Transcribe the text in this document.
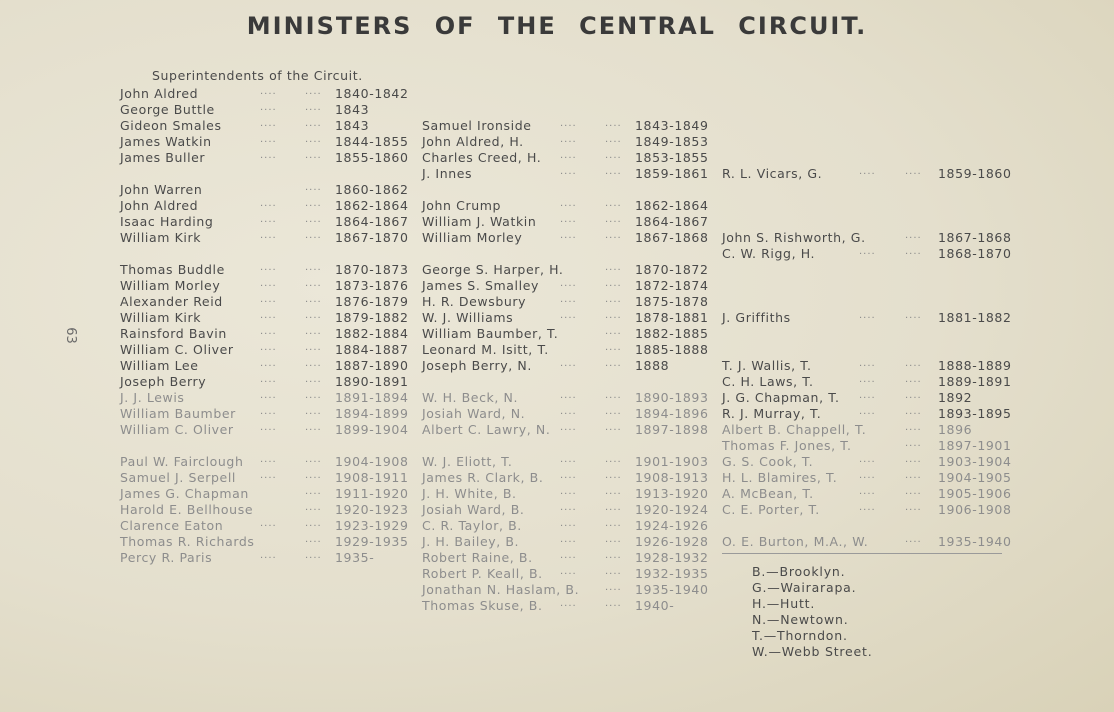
MINISTERS OF THE CENTRAL CIRCUIT.
Superintendents of the Circuit.
63
John Aldred	....	.... 1840-1842
George Buttle	....	.... 1843
Gideon Smales	....	.... 1843
James Watkin	....	.... 1844-1855
James Buller	....	.... 1855-1860
John Warren	.... 1860-1862
John Aldred	....	.... 1862-1864
Isaac Harding	....	.... 1864-1867
William Kirk	....	.... 1867-1870
Thomas Buddle	....	.... 1870-1873
William Morley	....	.... 1873-1876
Alexander Reid	....	.... 1876-1879
William Kirk	....	.... 1879-1882
Rainsford Bavin	....	.... 1882-1884
William C. Oliver	....	.... 1884-1887
William Lee	....	.... 1887-1890
Joseph Berry	....	.... 1890-1891
J. J. Lewis	....	.... 1891-1894
William Baumber ....	.... 1894-1899
William C. Oliver	....	.... 1899-1904
Paul W. Fairclough ....	.... 1904-1908
Samuel J. Serpell ....	.... 1908-1911
James G. Chapman	.... 1911-1920
Harold E. Bellhouse	.... 1920-1923
Clarence Eaton	....	.... 1923-1929
Thomas R. Richards	.... 1929-1935
Percy R. Paris	....	.... 1935-
Samuel Ironside	....	.... 1843-1849
John Aldred, H.	....	.... 1849-1853
Charles Creed, H. ....	.... 1853-1855
J. Innes	....	.... 1859-1861
John Crump	....	.... 1862-1864
William J. Watkin ....	.... 1864-1867
William Morley	....	.... 1867-1868
George S. Harper, H.	.... 1870-1872
James S. Smalley ....	.... 1872-1874
H. R. Dewsbury	....	.... 1875-1878
W. J. Williams	....	.... 1878-1881
William Baumber, T.	.... 1882-1885
Leonard M. Isitt, T.	.... 1885-1888
Joseph Berry, N.	....	.... 1888
W. H. Beck, N.	....	.... 1890-1893
Josiah Ward, N.	....	.... 1894-1896
Albert C. Lawry, N. ....	.... 1897-1898
W. J. Eliott, T.	....	.... 1901-1903
James R. Clark, B. ....	.... 1908-1913
J. H. White, B.	....	.... 1913-1920
Josiah Ward, B.	....	.... 1920-1924
C. R. Taylor, B.	....	.... 1924-1926
J. H. Bailey, B.	....	.... 1926-1928
Robert Raine, B.	....	.... 1928-1932
Robert P. Keall, B. ....	.... 1932-1935
Jonathan N. Haslam, B.	.... 1935-1940
Thomas Skuse, B. ....	.... 1940-
R. L. Vicars, G.	....	.... 1859-1860
John S. Rishworth, G.	.... 1867-1868
C. W. Rigg, H.	....	.... 1868-1870
J. Griffiths	....	.... 1881-1882
T. J. Wallis, T.	....	.... 1888-1889
C. H. Laws, T.	....	.... 1889-1891
J. G. Chapman, T. ....	.... 1892
R. J. Murray, T.	....	.... 1893-1895
Albert B. Chappell, T.	.... 1896
Thomas F. Jones, T.	.... 1897-1901
G. S. Cook, T.	....	.... 1903-1904
H. L. Blamires, T. ....	.... 1904-1905
A. McBean, T.	....	.... 1905-1906
C. E. Porter, T.	....	.... 1906-1908
O. E. Burton, M.A., W.	.... 1935-1940
B.—Brooklyn.
G.—Wairarapa.
H.—Hutt.
N.—Newtown.
T.—Thorndon.
W.—Webb Street.
